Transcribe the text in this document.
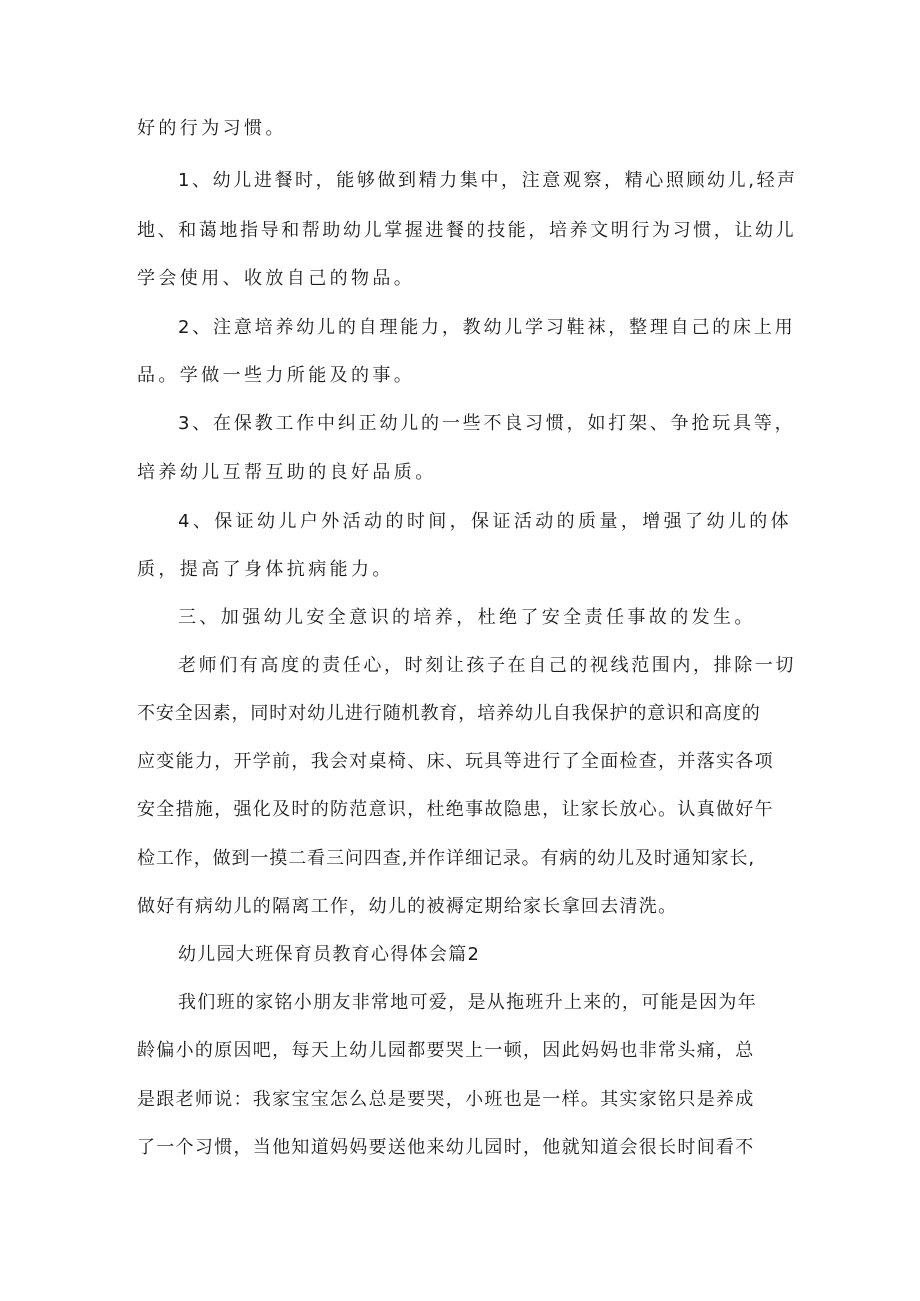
好的行为习惯。

1、幼儿进餐时，能够做到精力集中，注意观察，精心照顾幼儿,轻声

地、和蔼地指导和帮助幼儿掌握进餐的技能，培养文明行为习惯，让幼儿

学会使用、收放自己的物品。

2、注意培养幼儿的自理能力，教幼儿学习鞋袜，整理自己的床上用

品。学做一些力所能及的事。

3、在保教工作中纠正幼儿的一些不良习惯，如打架、争抢玩具等，

培养幼儿互帮互助的良好品质。

4、保证幼儿户外活动的时间，保证活动的质量，增强了幼儿的体

质，提高了身体抗病能力。

三、加强幼儿安全意识的培养，杜绝了安全责任事故的发生。

老师们有高度的责任心，时刻让孩子在自己的视线范围内，排除一切

不安全因素，同时对幼儿进行随机教育，培养幼儿自我保护的意识和高度的

应变能力，开学前，我会对桌椅、床、玩具等进行了全面检查，并落实各项

安全措施，强化及时的防范意识，杜绝事故隐患，让家长放心。认真做好午

检工作，做到一摸二看三问四查,并作详细记录。有病的幼儿及时通知家长,

做好有病幼儿的隔离工作，幼儿的被褥定期给家长拿回去清洗。

幼儿园大班保育员教育心得体会篇2

我们班的家铭小朋友非常地可爱，是从拖班升上来的，可能是因为年

龄偏小的原因吧，每天上幼儿园都要哭上一顿，因此妈妈也非常头痛，总

是跟老师说：我家宝宝怎么总是要哭，小班也是一样。其实家铭只是养成

了一个习惯，当他知道妈妈要送他来幼儿园时，他就知道会很长时间看不
